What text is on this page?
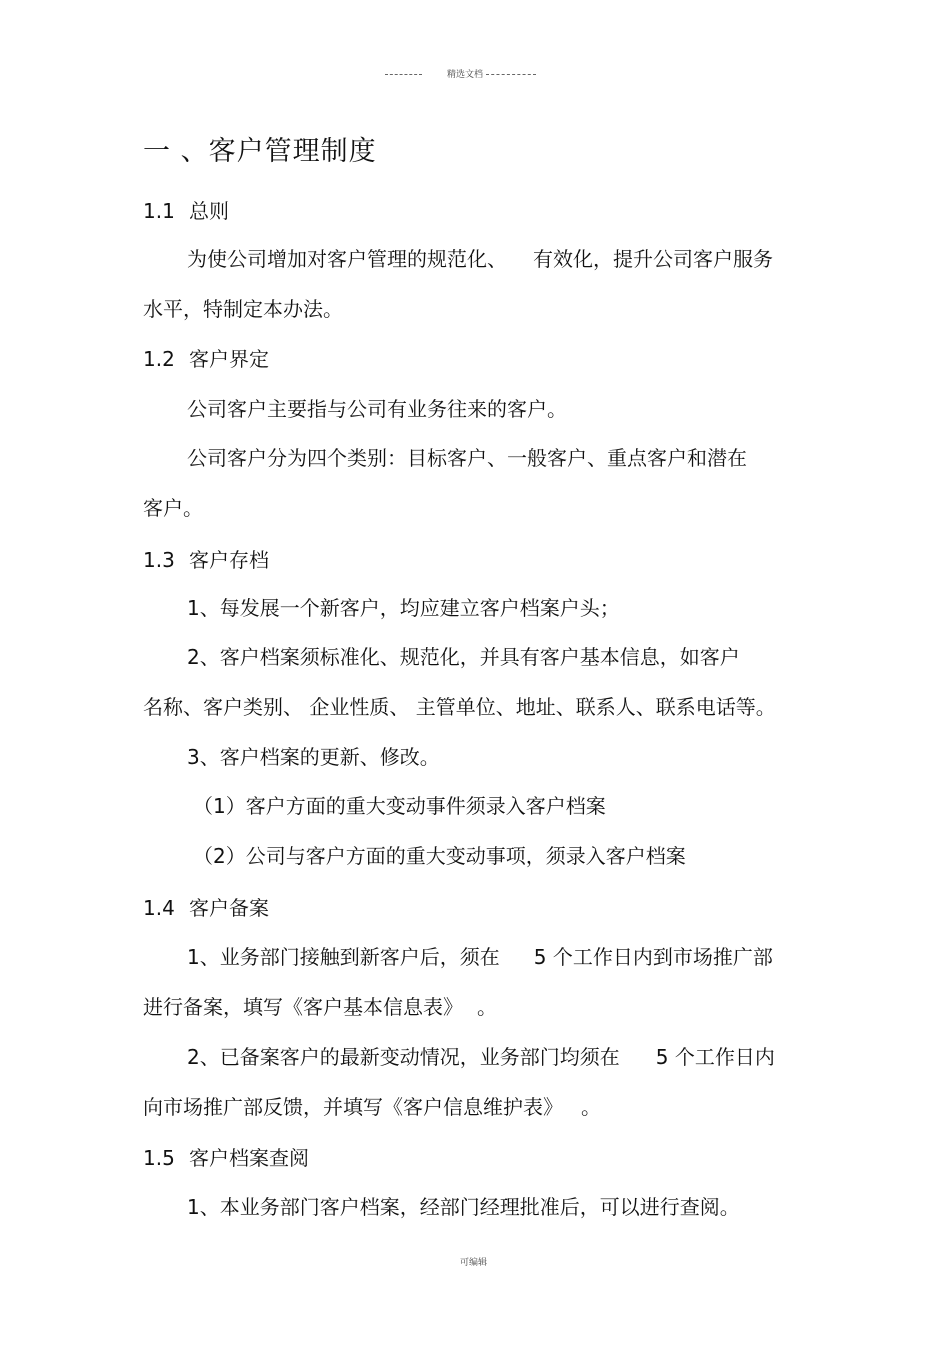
精选文档
一 、客户管理制度
1.1 总则
为使公司增加对客户管理的规范化、 有效化，提升公司客户服务
水平，特制定本办法。
1.2 客户界定
公司客户主要指与公司有业务往来的客户。
公司客户分为四个类别：目标客户、一般客户、重点客户和潜在
客户。
1.3 客户存档
1、每发展一个新客户，均应建立客户档案户头；
2、客户档案须标准化、规范化，并具有客户基本信息，如客户
名称、客户类别、 企业性质、 主管单位、地址、联系人、联系电话等。
3、客户档案的更新、修改。
（1）客户方面的重大变动事件须录入客户档案
（2）公司与客户方面的重大变动事项，须录入客户档案
1.4 客户备案
1、业务部门接触到新客户后，须在 5 个工作日内到市场推广部
进行备案，填写《客户基本信息表》 。
2、已备案客户的最新变动情况，业务部门均须在 5 个工作日内
向市场推广部反馈，并填写《客户信息维护表》 。
1.5 客户档案查阅
1、本业务部门客户档案，经部门经理批准后，可以进行查阅。
可编辑
